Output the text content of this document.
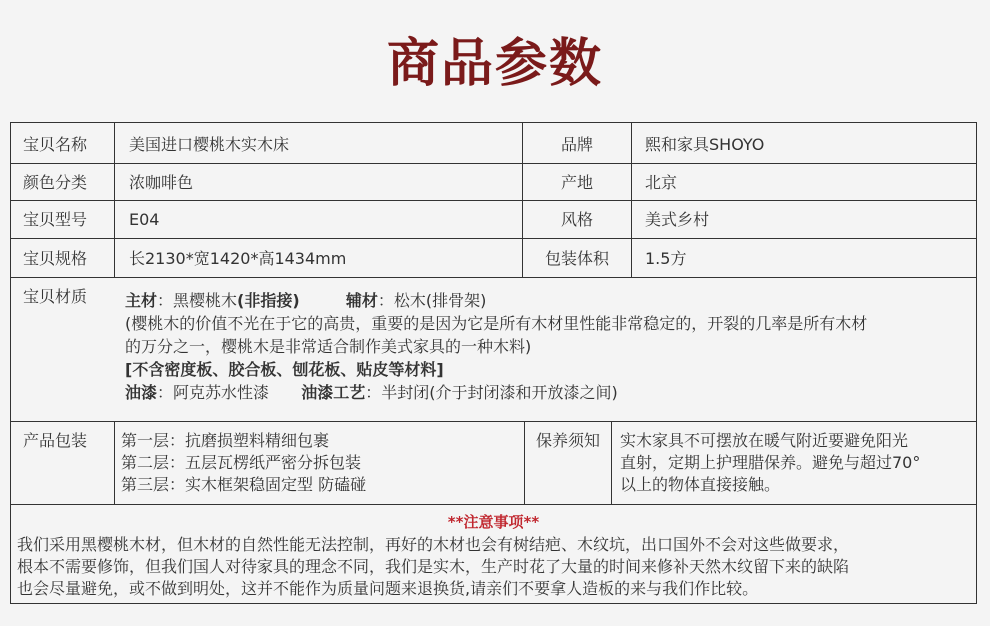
商品参数
宝贝名称	美国进口樱桃木实木床	品牌	熙和家具SHOYO
颜色分类	浓咖啡色	产地	北京
宝贝型号	E04	风格	美式乡村
宝贝规格	长2130*宽1420*高1434mm	包装体积	1.5方
宝贝材质	主材：黑樱桃木(非指接)	辅材：松木(排骨架)
(樱桃木的价值不光在于它的高贵，重要的是因为它是所有木材里性能非常稳定的，开裂的几率是所有木材
的万分之一，樱桃木是非常适合制作美式家具的一种木料)
[不含密度板、胶合板、刨花板、贴皮等材料]
油漆：阿克苏水性漆 油漆工艺：半封闭(介于封闭漆和开放漆之间)
产品包装	第一层：抗磨损塑料精细包裹
第二层：五层瓦楞纸严密分拆包装
第三层：实木框架稳固定型 防磕碰
保养须知	实木家具不可摆放在暖气附近要避免阳光
直射，定期上护理腊保养。避免与超过70°
以上的物体直接接触。
**注意事项**
我们采用黑樱桃木材，但木材的自然性能无法控制，再好的木材也会有树结疤、木纹坑，出口国外不会对这些做要求，
根本不需要修饰，但我们国人对待家具的理念不同，我们是实木，生产时花了大量的时间来修补天然木纹留下来的缺陷
也会尽量避免，或不做到明处，这并不能作为质量问题来退换货,请亲们不要拿人造板的来与我们作比较。
